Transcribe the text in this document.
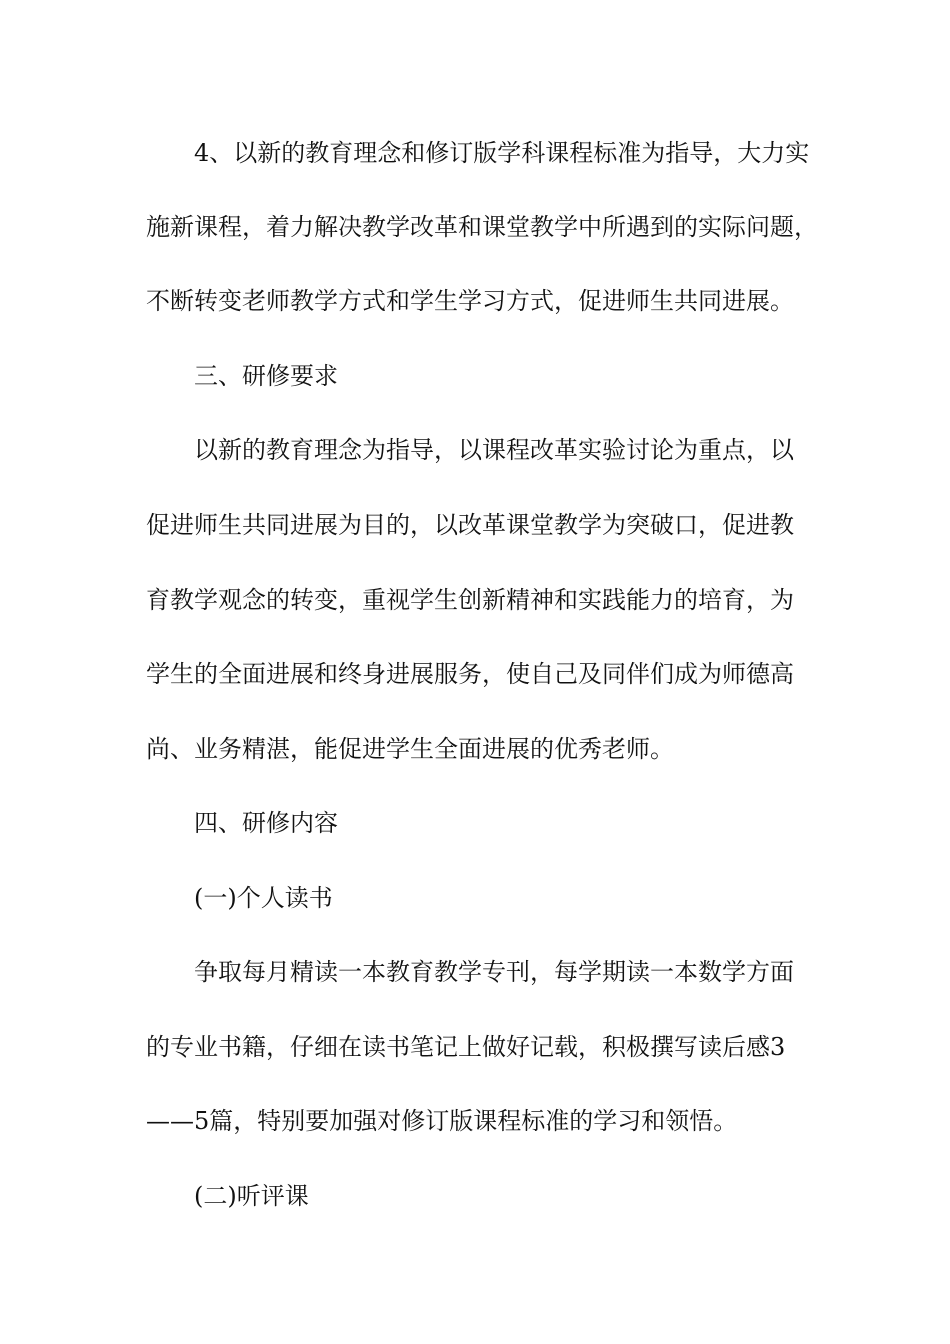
4、以新的教育理念和修订版学科课程标准为指导，大力实
施新课程，着力解决教学改革和课堂教学中所遇到的实际问题，
不断转变老师教学方式和学生学习方式，促进师生共同进展。
三、研修要求
以新的教育理念为指导，以课程改革实验讨论为重点，以
促进师生共同进展为目的，以改革课堂教学为突破口，促进教
育教学观念的转变，重视学生创新精神和实践能力的培育，为
学生的全面进展和终身进展服务，使自己及同伴们成为师德高
尚、业务精湛，能促进学生全面进展的优秀老师。
四、研修内容
(一)个人读书
争取每月精读一本教育教学专刊，每学期读一本数学方面
的专业书籍，仔细在读书笔记上做好记载，积极撰写读后感3
——5篇，特别要加强对修订版课程标准的学习和领悟。
(二)听评课
